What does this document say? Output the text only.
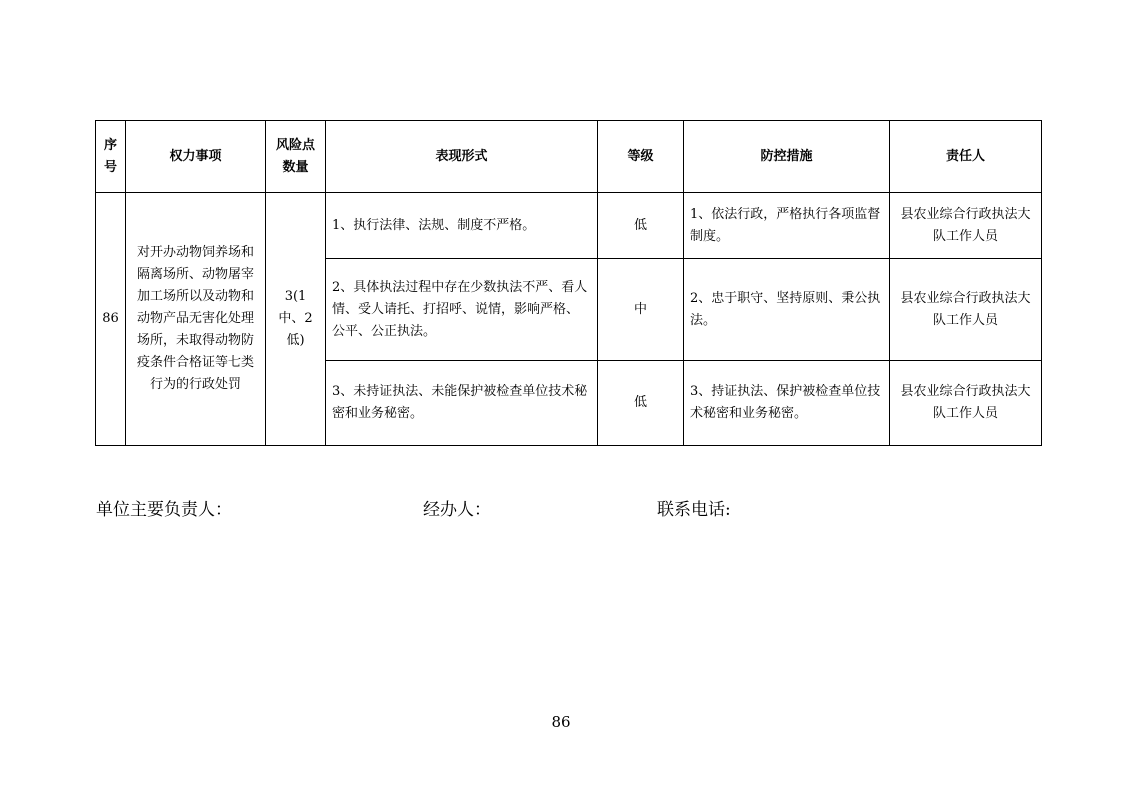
序号	权力事项	风险点数量	表现形式	等级	防控措施	责任人
86	对开办动物饲养场和隔离场所、动物屠宰加工场所以及动物和动物产品无害化处理场所，未取得动物防疫条件合格证等七类行为的行政处罚	3(1 中、2 低)	1、执行法律、法规、制度不严格。	低	1、依法行政，严格执行各项监督制度。	县农业综合行政执法大队工作人员
			2、具体执法过程中存在少数执法不严、看人情、受人请托、打招呼、说情，影响严格、公平、公正执法。	中	2、忠于职守、坚持原则、秉公执法。	县农业综合行政执法大队工作人员
			3、未持证执法、未能保护被检查单位技术秘密和业务秘密。	低	3、持证执法、保护被检查单位技术秘密和业务秘密。	县农业综合行政执法大队工作人员
单位主要负责人：	经办人：	联系电话:
86
